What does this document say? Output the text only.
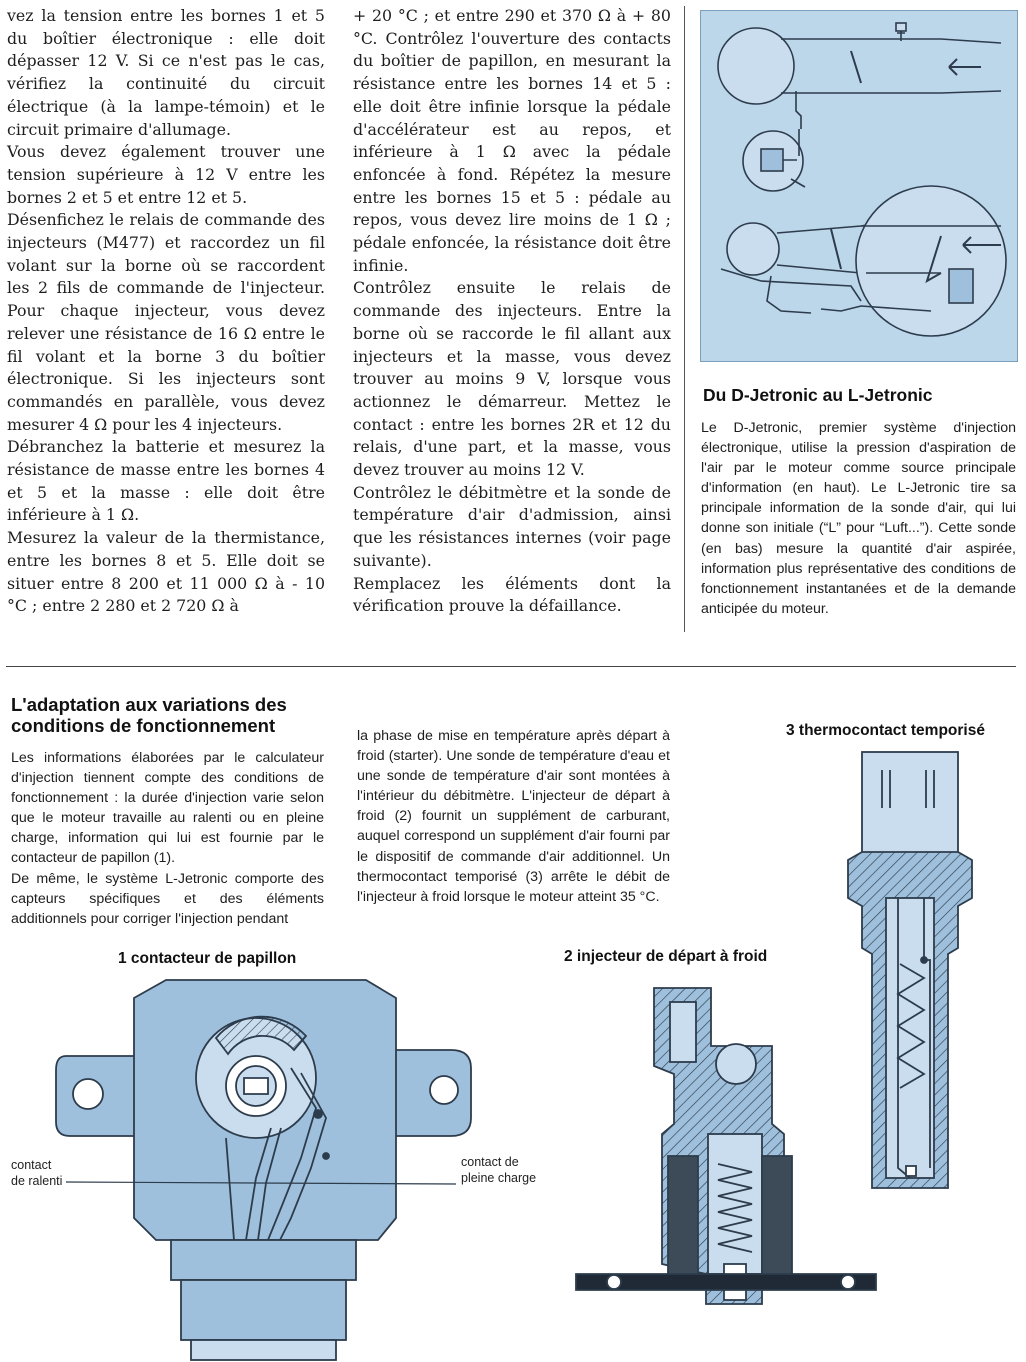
vez la tension entre les bornes 1 et 5 du boîtier électronique : elle doit dépasser 12 V. Si ce n'est pas le cas, vérifiez la continuité du circuit électrique (à la lampe-témoin) et le circuit primaire d'allumage.

Vous devez également trouver une tension supérieure à 12 V entre les bornes 2 et 5 et entre 12 et 5.

Désenfichez le relais de commande des injecteurs (M477) et raccordez un fil volant sur la borne où se raccordent les 2 fils de commande de l'injecteur. Pour chaque injecteur, vous devez relever une résistance de 16 Ω entre le fil volant et la borne 3 du boîtier électronique. Si les injecteurs sont commandés en parallèle, vous devez mesurer 4 Ω pour les 4 injecteurs.

Débranchez la batterie et mesurez la résistance de masse entre les bornes 4 et 5 et la masse : elle doit être inférieure à 1 Ω.

Mesurez la valeur de la thermistance, entre les bornes 8 et 5. Elle doit se situer entre 8 200 et 11 000 Ω à - 10 °C ; entre 2 280 et 2 720 Ω à

+ 20 °C ; et entre 290 et 370 Ω à + 80 °C. Contrôlez l'ouverture des contacts du boîtier de papillon, en mesurant la résistance entre les bornes 14 et 5 : elle doit être infinie lorsque la pédale d'accélérateur est au repos, et inférieure à 1 Ω avec la pédale enfoncée à fond. Répétez la mesure entre les bornes 15 et 5 : pédale au repos, vous devez lire moins de 1 Ω ; pédale enfoncée, la résistance doit être infinie.

Contrôlez ensuite le relais de commande des injecteurs. Entre la borne où se raccorde le fil allant aux injecteurs et la masse, vous devez trouver au moins 9 V, lorsque vous actionnez le démarreur. Mettez le contact : entre les bornes 2R et 12 du relais, d'une part, et la masse, vous devez trouver au moins 12 V.

Contrôlez le débitmètre et la sonde de température d'air d'admission, ainsi que les résistances internes (voir page suivante).

Remplacez les éléments dont la vérification prouve la défaillance.

Du D-Jetronic au L-Jetronic

Le D-Jetronic, premier système d'injection électronique, utilise la pression d'aspiration de l'air par le moteur comme source principale d'information (en haut). Le L-Jetronic tire sa principale information de la sonde d'air, qui lui donne son initiale (“L” pour “Luft...”). Cette sonde (en bas) mesure la quantité d'air aspirée, information plus représentative des conditions de fonctionnement instantanées et de la demande anticipée du moteur.

L'adaptation aux variations des conditions de fonctionnement

Les informations élaborées par le calculateur d'injection tiennent compte des conditions de fonctionnement : la durée d'injection varie selon que le moteur travaille au ralenti ou en pleine charge, information qui lui est fournie par le contacteur de papillon (1).

De même, le système L-Jetronic comporte des capteurs spécifiques et des éléments additionnels pour corriger l'injection pendant

la phase de mise en température après départ à froid (starter). Une sonde de température d'eau et une sonde de température d'air sont montées à l'intérieur du débitmètre. L'injecteur de départ à froid (2) fournit un supplément de carburant, auquel correspond un supplément d'air fourni par le dispositif de commande d'air additionnel. Un thermocontact temporisé (3) arrête le débit de l'injecteur à froid lorsque le moteur atteint 35 °C.

1 contacteur de papillon	2 injecteur de départ à froid
3 thermocontact temporisé
contact
de ralenti
contact de
pleine charge
